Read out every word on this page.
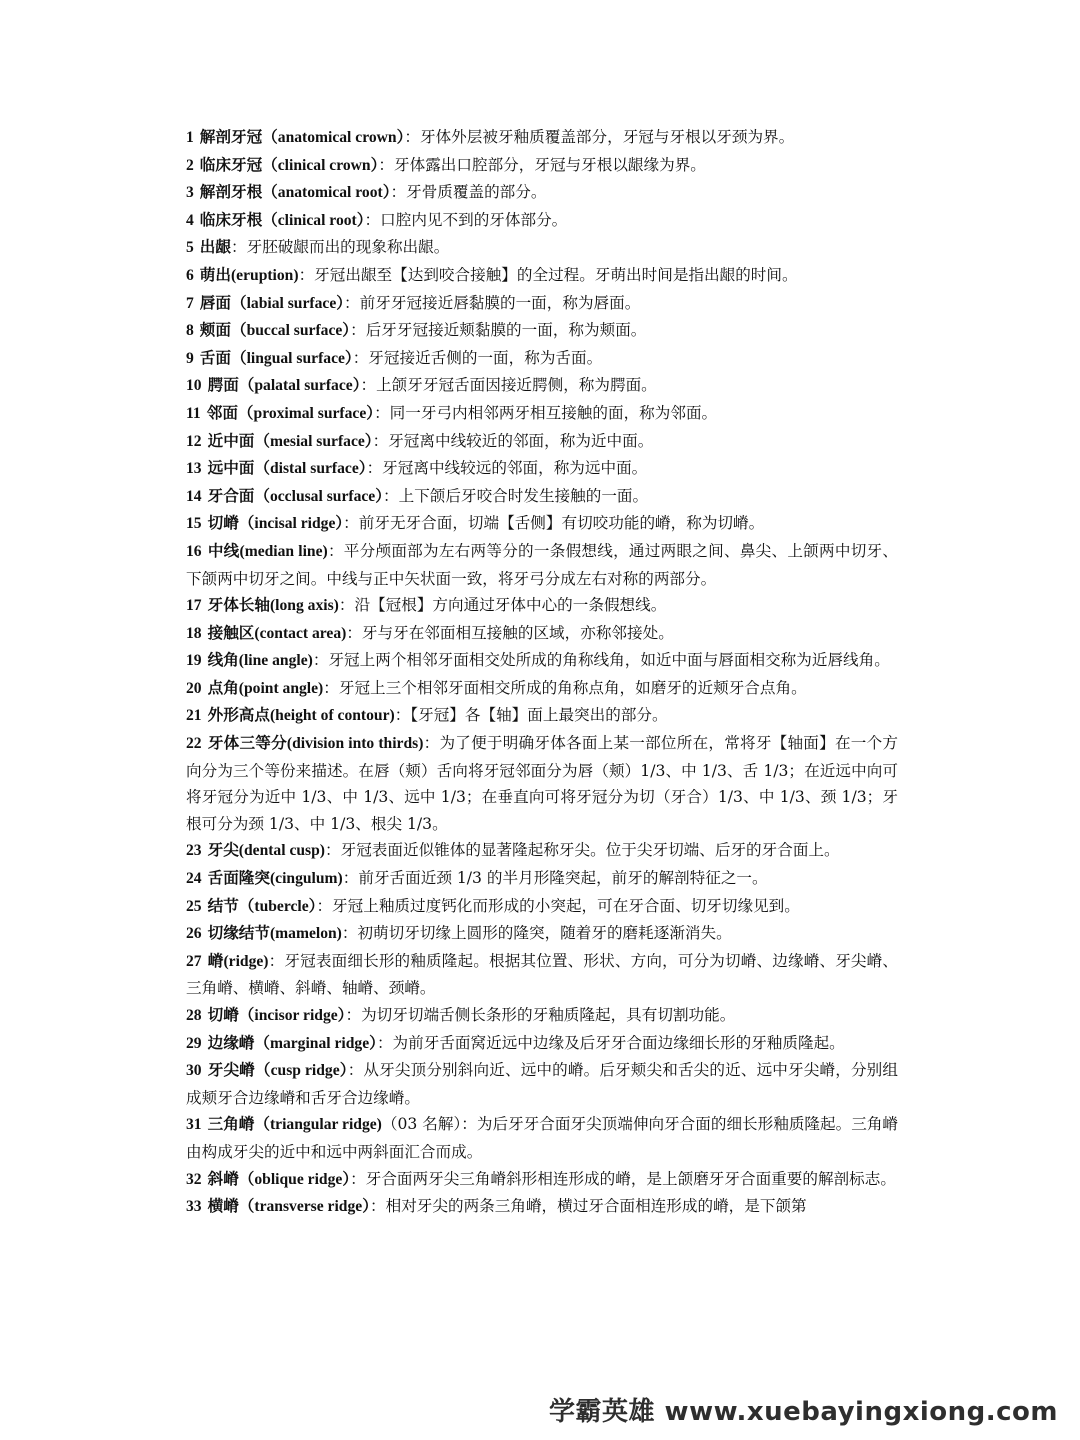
1 解剖牙冠（anatomical crown）：牙体外层被牙釉质覆盖部分，牙冠与牙根以牙颈为界。

2 临床牙冠（clinical crown）：牙体露出口腔部分，牙冠与牙根以龈缘为界。

3 解剖牙根（anatomical root）：牙骨质覆盖的部分。

4 临床牙根（clinical root）：口腔内见不到的牙体部分。

5 出龈：牙胚破龈而出的现象称出龈。

6 萌出(eruption)：牙冠出龈至【达到咬合接触】的全过程。牙萌出时间是指出龈的时间。

7 唇面（labial surface）：前牙牙冠接近唇黏膜的一面，称为唇面。

8 颊面（buccal surface）：后牙牙冠接近颊黏膜的一面，称为颊面。

9 舌面（lingual surface）：牙冠接近舌侧的一面，称为舌面。

10 腭面（palatal surface）：上颌牙牙冠舌面因接近腭侧，称为腭面。

11 邻面（proximal surface）：同一牙弓内相邻两牙相互接触的面，称为邻面。

12 近中面（mesial surface）：牙冠离中线较近的邻面，称为近中面。

13 远中面（distal surface）：牙冠离中线较远的邻面，称为远中面。

14 牙合面（occlusal surface）：上下颌后牙咬合时发生接触的一面。

15 切嵴（incisal ridge）：前牙无牙合面，切端【舌侧】有切咬功能的嵴，称为切嵴。

16 中线(median line)：平分颅面部为左右两等分的一条假想线，通过两眼之间、鼻尖、上颌两中切牙、下颌两中切牙之间。中线与正中矢状面一致，将牙弓分成左右对称的两部分。

17 牙体长轴(long axis)：沿【冠根】方向通过牙体中心的一条假想线。

18 接触区(contact area)：牙与牙在邻面相互接触的区域，亦称邻接处。

19 线角(line angle)：牙冠上两个相邻牙面相交处所成的角称线角，如近中面与唇面相交称为近唇线角。

20 点角(point angle)：牙冠上三个相邻牙面相交所成的角称点角，如磨牙的近颊牙合点角。

21 外形高点(height of contour)：【牙冠】各【轴】面上最突出的部分。

22 牙体三等分(division into thirds)：为了便于明确牙体各面上某一部位所在，常将牙【轴面】在一个方向分为三个等份来描述。在唇（颊）舌向将牙冠邻面分为唇（颊）1/3、中 1/3、舌 1/3；在近远中向可将牙冠分为近中 1/3、中 1/3、远中 1/3；在垂直向可将牙冠分为切（牙合）1/3、中 1/3、颈 1/3；牙根可分为颈 1/3、中 1/3、根尖 1/3。

23 牙尖(dental cusp)：牙冠表面近似锥体的显著隆起称牙尖。位于尖牙切端、后牙的牙合面上。

24 舌面隆突(cingulum)：前牙舌面近颈 1/3 的半月形隆突起，前牙的解剖特征之一。

25 结节（tubercle）：牙冠上釉质过度钙化而形成的小突起，可在牙合面、切牙切缘见到。

26 切缘结节(mamelon)：初萌切牙切缘上圆形的隆突，随着牙的磨耗逐渐消失。

27 嵴(ridge)：牙冠表面细长形的釉质隆起。根据其位置、形状、方向，可分为切嵴、边缘嵴、牙尖嵴、三角嵴、横嵴、斜嵴、轴嵴、颈嵴。

28 切嵴（incisor ridge）：为切牙切端舌侧长条形的牙釉质隆起，具有切割功能。

29 边缘嵴（marginal ridge）：为前牙舌面窝近远中边缘及后牙牙合面边缘细长形的牙釉质隆起。

30 牙尖嵴（cusp ridge）：从牙尖顶分别斜向近、远中的嵴。后牙颊尖和舌尖的近、远中牙尖嵴，分别组成颊牙合边缘嵴和舌牙合边缘嵴。

31 三角嵴（triangular ridge)（03 名解）：为后牙牙合面牙尖顶端伸向牙合面的细长形釉质隆起。三角嵴由构成牙尖的近中和远中两斜面汇合而成。

32 斜嵴（oblique ridge）：牙合面两牙尖三角嵴斜形相连形成的嵴，是上颌磨牙牙合面重要的解剖标志。

33 横嵴（transverse ridge）：相对牙尖的两条三角嵴，横过牙合面相连形成的嵴，是下颌第

学霸英雄 www.xuebayingxiong.com
